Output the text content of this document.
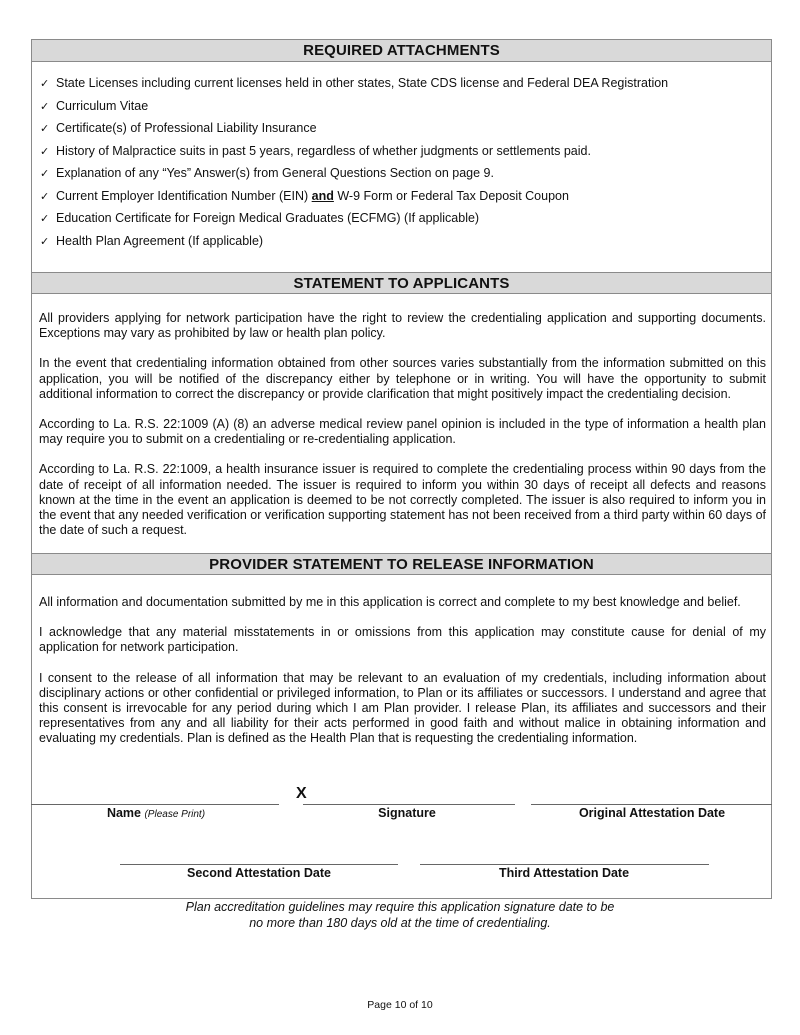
REQUIRED ATTACHMENTS
✓ State Licenses including current licenses held in other states, State CDS license and Federal DEA Registration
✓ Curriculum Vitae
✓ Certificate(s) of Professional Liability Insurance
✓ History of Malpractice suits in past 5 years, regardless of whether judgments or settlements paid.
✓ Explanation of any “Yes” Answer(s) from General Questions Section on page 9.
✓ Current Employer Identification Number (EIN) and W-9 Form or Federal Tax Deposit Coupon
✓ Education Certificate for Foreign Medical Graduates (ECFMG) (If applicable)
✓ Health Plan Agreement (If applicable)
STATEMENT TO APPLICANTS

All providers applying for network participation have the right to review the credentialing application and supporting documents. Exceptions may vary as prohibited by law or health plan policy.

In the event that credentialing information obtained from other sources varies substantially from the information submitted on this application, you will be notified of the discrepancy either by telephone or in writing. You will have the opportunity to submit additional information to correct the discrepancy or provide clarification that might positively impact the credentialing decision.

According to La. R.S. 22:1009 (A) (8) an adverse medical review panel opinion is included in the type of information a health plan may require you to submit on a credentialing or re-credentialing application.

According to La. R.S. 22:1009, a health insurance issuer is required to complete the credentialing process within 90 days from the date of receipt of all information needed. The issuer is required to inform you within 30 days of receipt all defects and reasons known at the time in the event an application is deemed to be not correctly completed. The issuer is also required to inform you in the event that any needed verification or verification supporting statement has not been received from a third party within 60 days of the date of such a request.

PROVIDER STATEMENT TO RELEASE INFORMATION

All information and documentation submitted by me in this application is correct and complete to my best knowledge and belief.

I acknowledge that any material misstatements in or omissions from this application may constitute cause for denial of my application for network participation.

I consent to the release of all information that may be relevant to an evaluation of my credentials, including information about disciplinary actions or other confidential or privileged information, to Plan or its affiliates or successors. I understand and agree that this consent is irrevocable for any period during which I am Plan provider. I release Plan, its affiliates and successors and their representatives from any and all liability for their acts performed in good faith and without malice in obtaining information and evaluating my credentials. Plan is defined as the Health Plan that is requesting the credentialing information.

X
Name (Please Print)	Signature	Original Attestation Date
Second Attestation Date	Third Attestation Date
Plan accreditation guidelines may require this application signature date to be
no more than 180 days old at the time of credentialing.
Page 10 of 10
